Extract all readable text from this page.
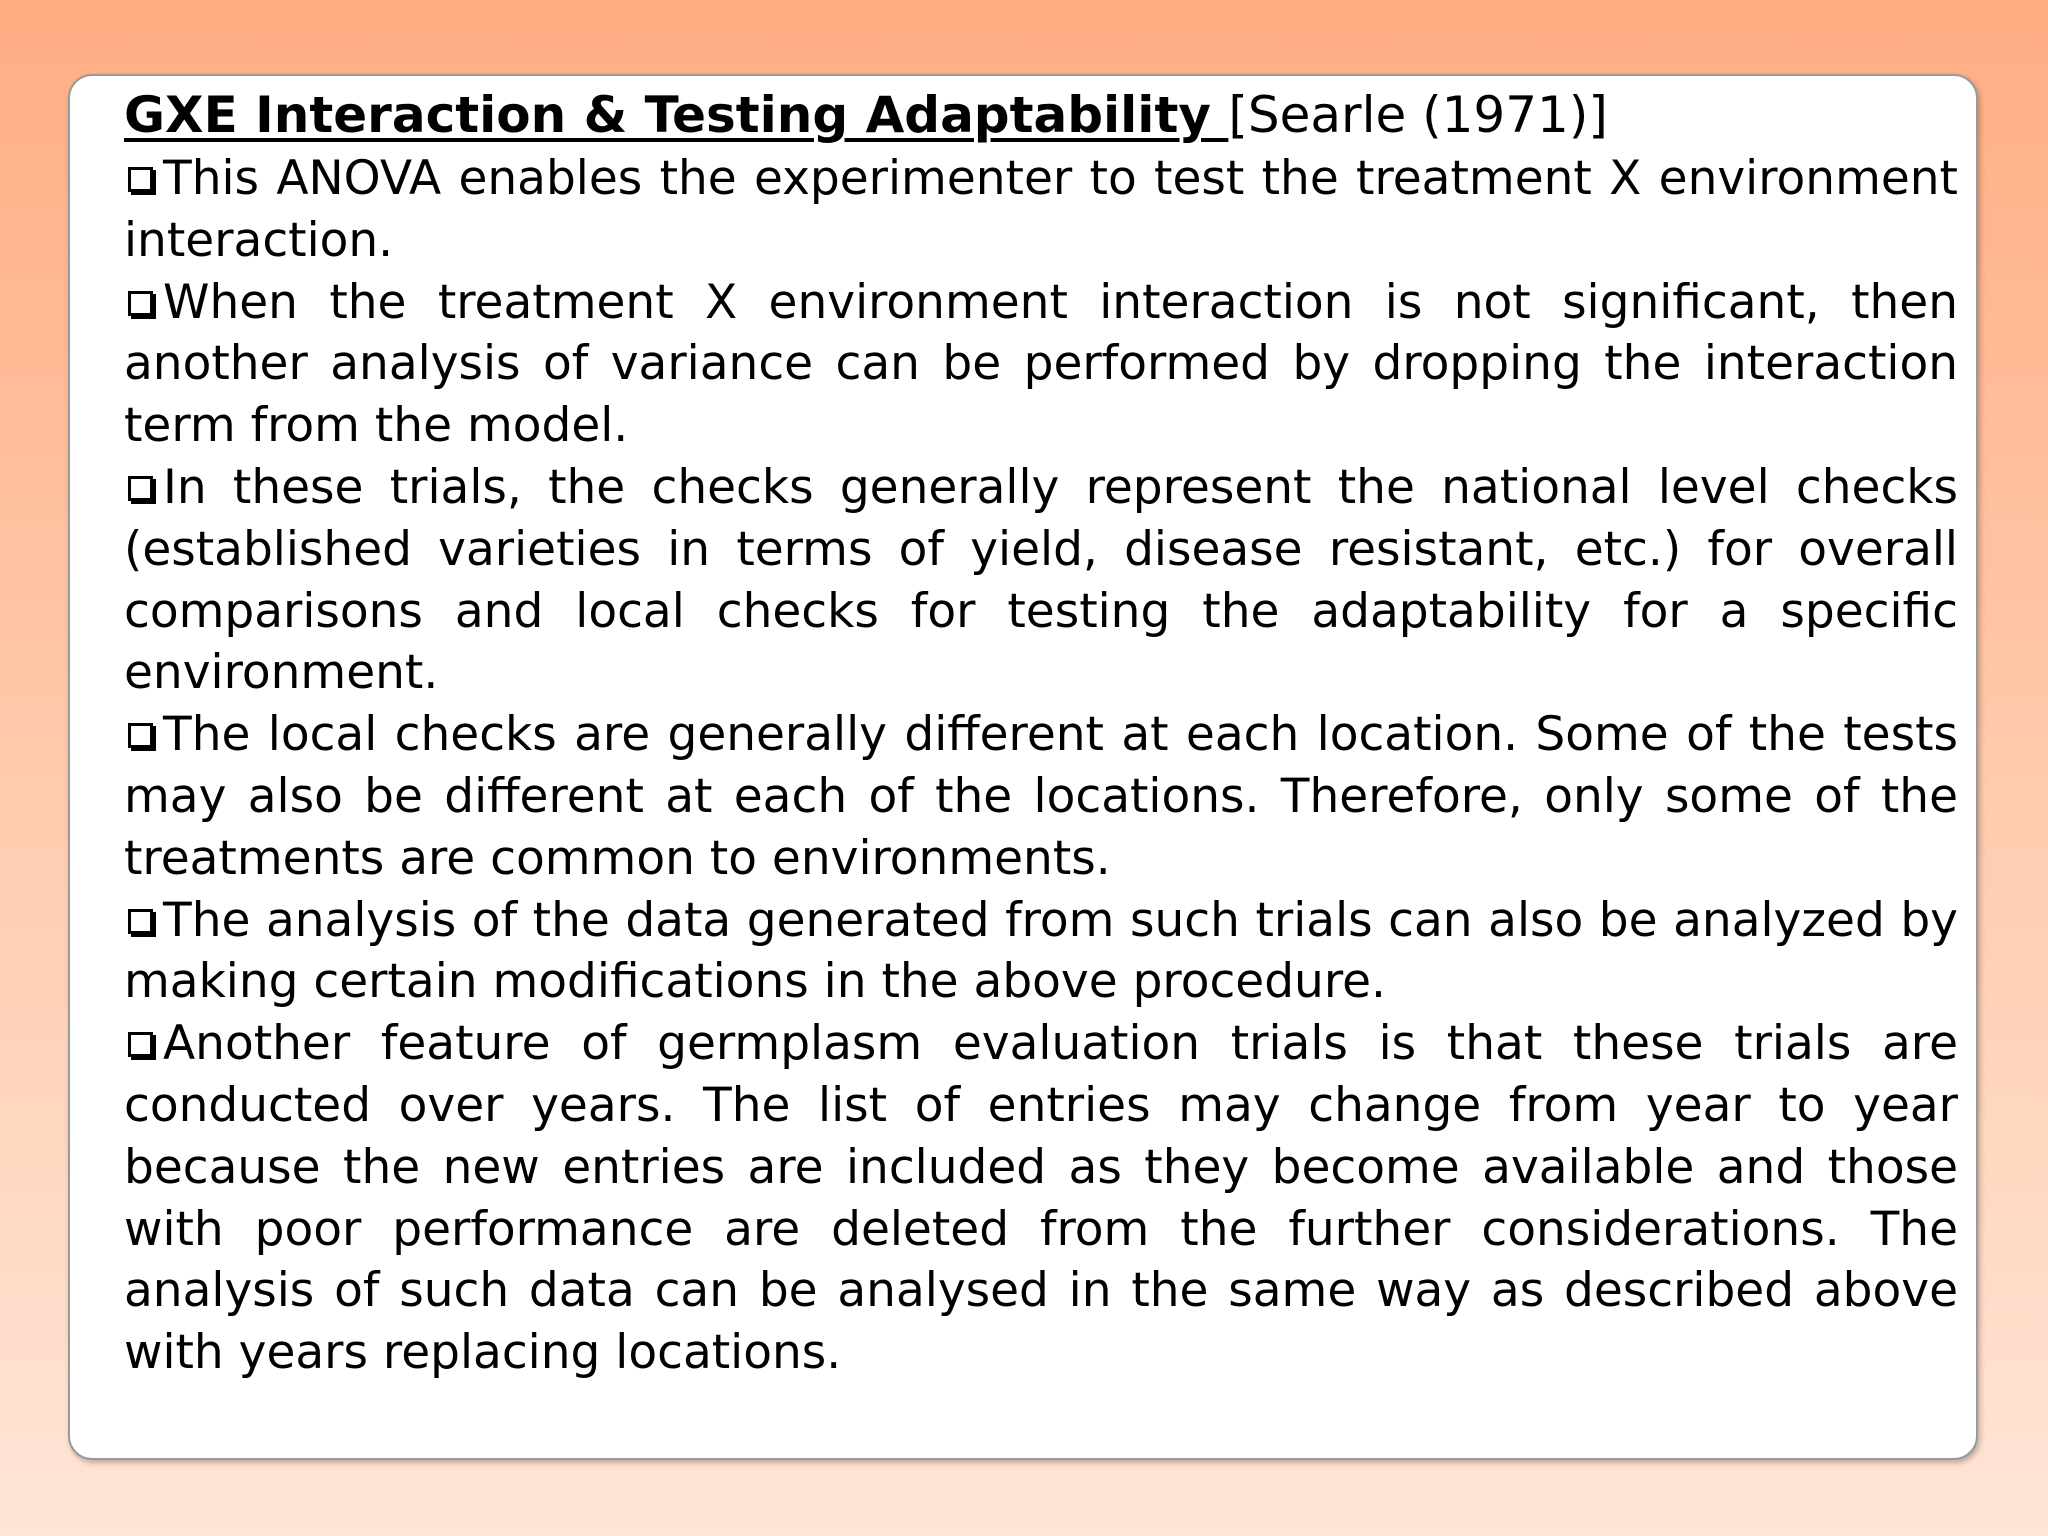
GXE Interaction & Testing Adaptability [Searle (1971)]

This ANOVA enables the experimenter to test the treatment X environment interaction.

When the treatment X environment interaction is not significant, then another analysis of variance can be performed by dropping the interaction term from the model.

In these trials, the checks generally represent the national level checks (established varieties in terms of yield, disease resistant, etc.) for overall comparisons and local checks for testing the adaptability for a specific environment.

The local checks are generally different at each location. Some of the tests may also be different at each of the locations. Therefore, only some of the treatments are common to environments.

The analysis of the data generated from such trials can also be analyzed by making certain modifications in the above procedure.

Another feature of germplasm evaluation trials is that these trials are conducted over years. The list of entries may change from year to year because the new entries are included as they become available and those with poor performance are deleted from the further considerations. The analysis of such data can be analysed in the same way as described above with years replacing locations.
